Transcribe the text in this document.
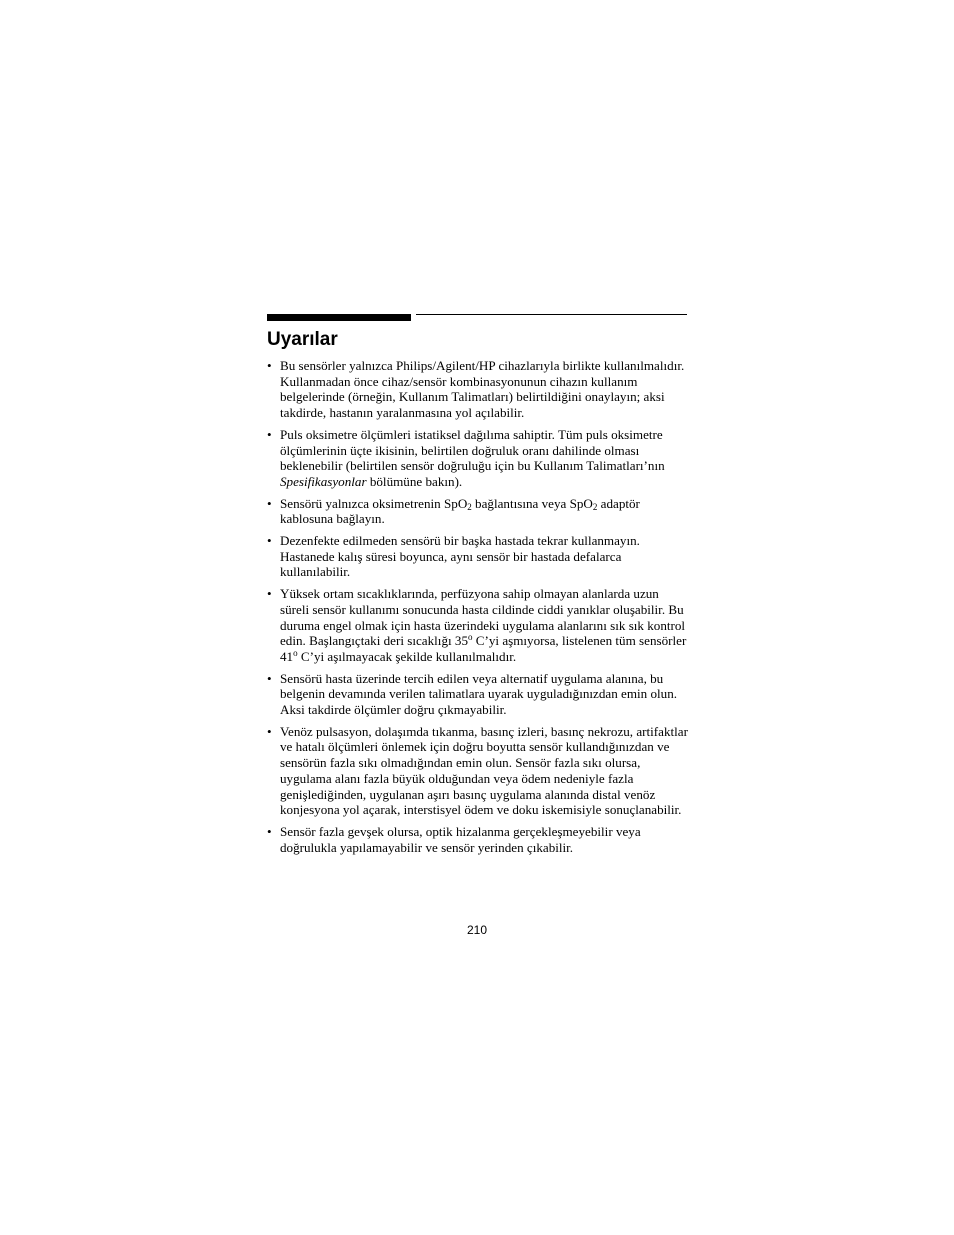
Uyarılar
• Bu sensörler yalnızca Philips/Agilent/HP cihazlarıyla birlikte kullanılmalıdır. Kullanmadan önce cihaz/sensör kombinasyonunun cihazın kullanım belgelerinde (örneğin, Kullanım Talimatları) belirtildiğini onaylayın; aksi takdirde, hastanın yaralanmasına yol açılabilir.

• Puls oksimetre ölçümleri istatiksel dağılıma sahiptir. Tüm puls oksimetre ölçümlerinin üçte ikisinin, belirtilen doğruluk oranı dahilinde olması beklenebilir (belirtilen sensör doğruluğu için bu Kullanım Talimatları’nın Spesifikasyonlar bölümüne bakın).

• Sensörü yalnızca oksimetrenin SpO$_2$ bağlantısına veya SpO$_2$ adaptör kablosuna bağlayın.

• Dezenfekte edilmeden sensörü bir başka hastada tekrar kullanmayın. Hastanede kalış süresi boyunca, aynı sensör bir hastada defalarca kullanılabilir.

• Yüksek ortam sıcaklıklarında, perfüzyona sahip olmayan alanlarda uzun süreli sensör kullanımı sonucunda hasta cildinde ciddi yanıklar oluşabilir. Bu duruma engel olmak için hasta üzerindeki uygulama alanlarını sık sık kontrol edin. Başlangıçtaki deri sıcaklığı 35$^o$ C’yi aşmıyorsa, listelenen tüm sensörler 41$^o$ C’yi aşılmayacak şekilde kullanılmalıdır.

• Sensörü hasta üzerinde tercih edilen veya alternatif uygulama alanına, bu belgenin devamında verilen talimatlara uyarak uyguladığınızdan emin olun. Aksi takdirde ölçümler doğru çıkmayabilir.

• Venöz pulsasyon, dolaşımda tıkanma, basınç izleri, basınç nekrozu, artifaktlar ve hatalı ölçümleri önlemek için doğru boyutta sensör kullandığınızdan ve sensörün fazla sıkı olmadığından emin olun. Sensör fazla sıkı olursa, uygulama alanı fazla büyük olduğundan veya ödem nedeniyle fazla genişlediğinden, uygulanan aşırı basınç uygulama alanında distal venöz konjesyona yol açarak, interstisyel ödem ve doku iskemisiyle sonuçlanabilir.

• Sensör fazla gevşek olursa, optik hizalanma gerçekleşmeyebilir veya doğrulukla yapılamayabilir ve sensör yerinden çıkabilir.

210
